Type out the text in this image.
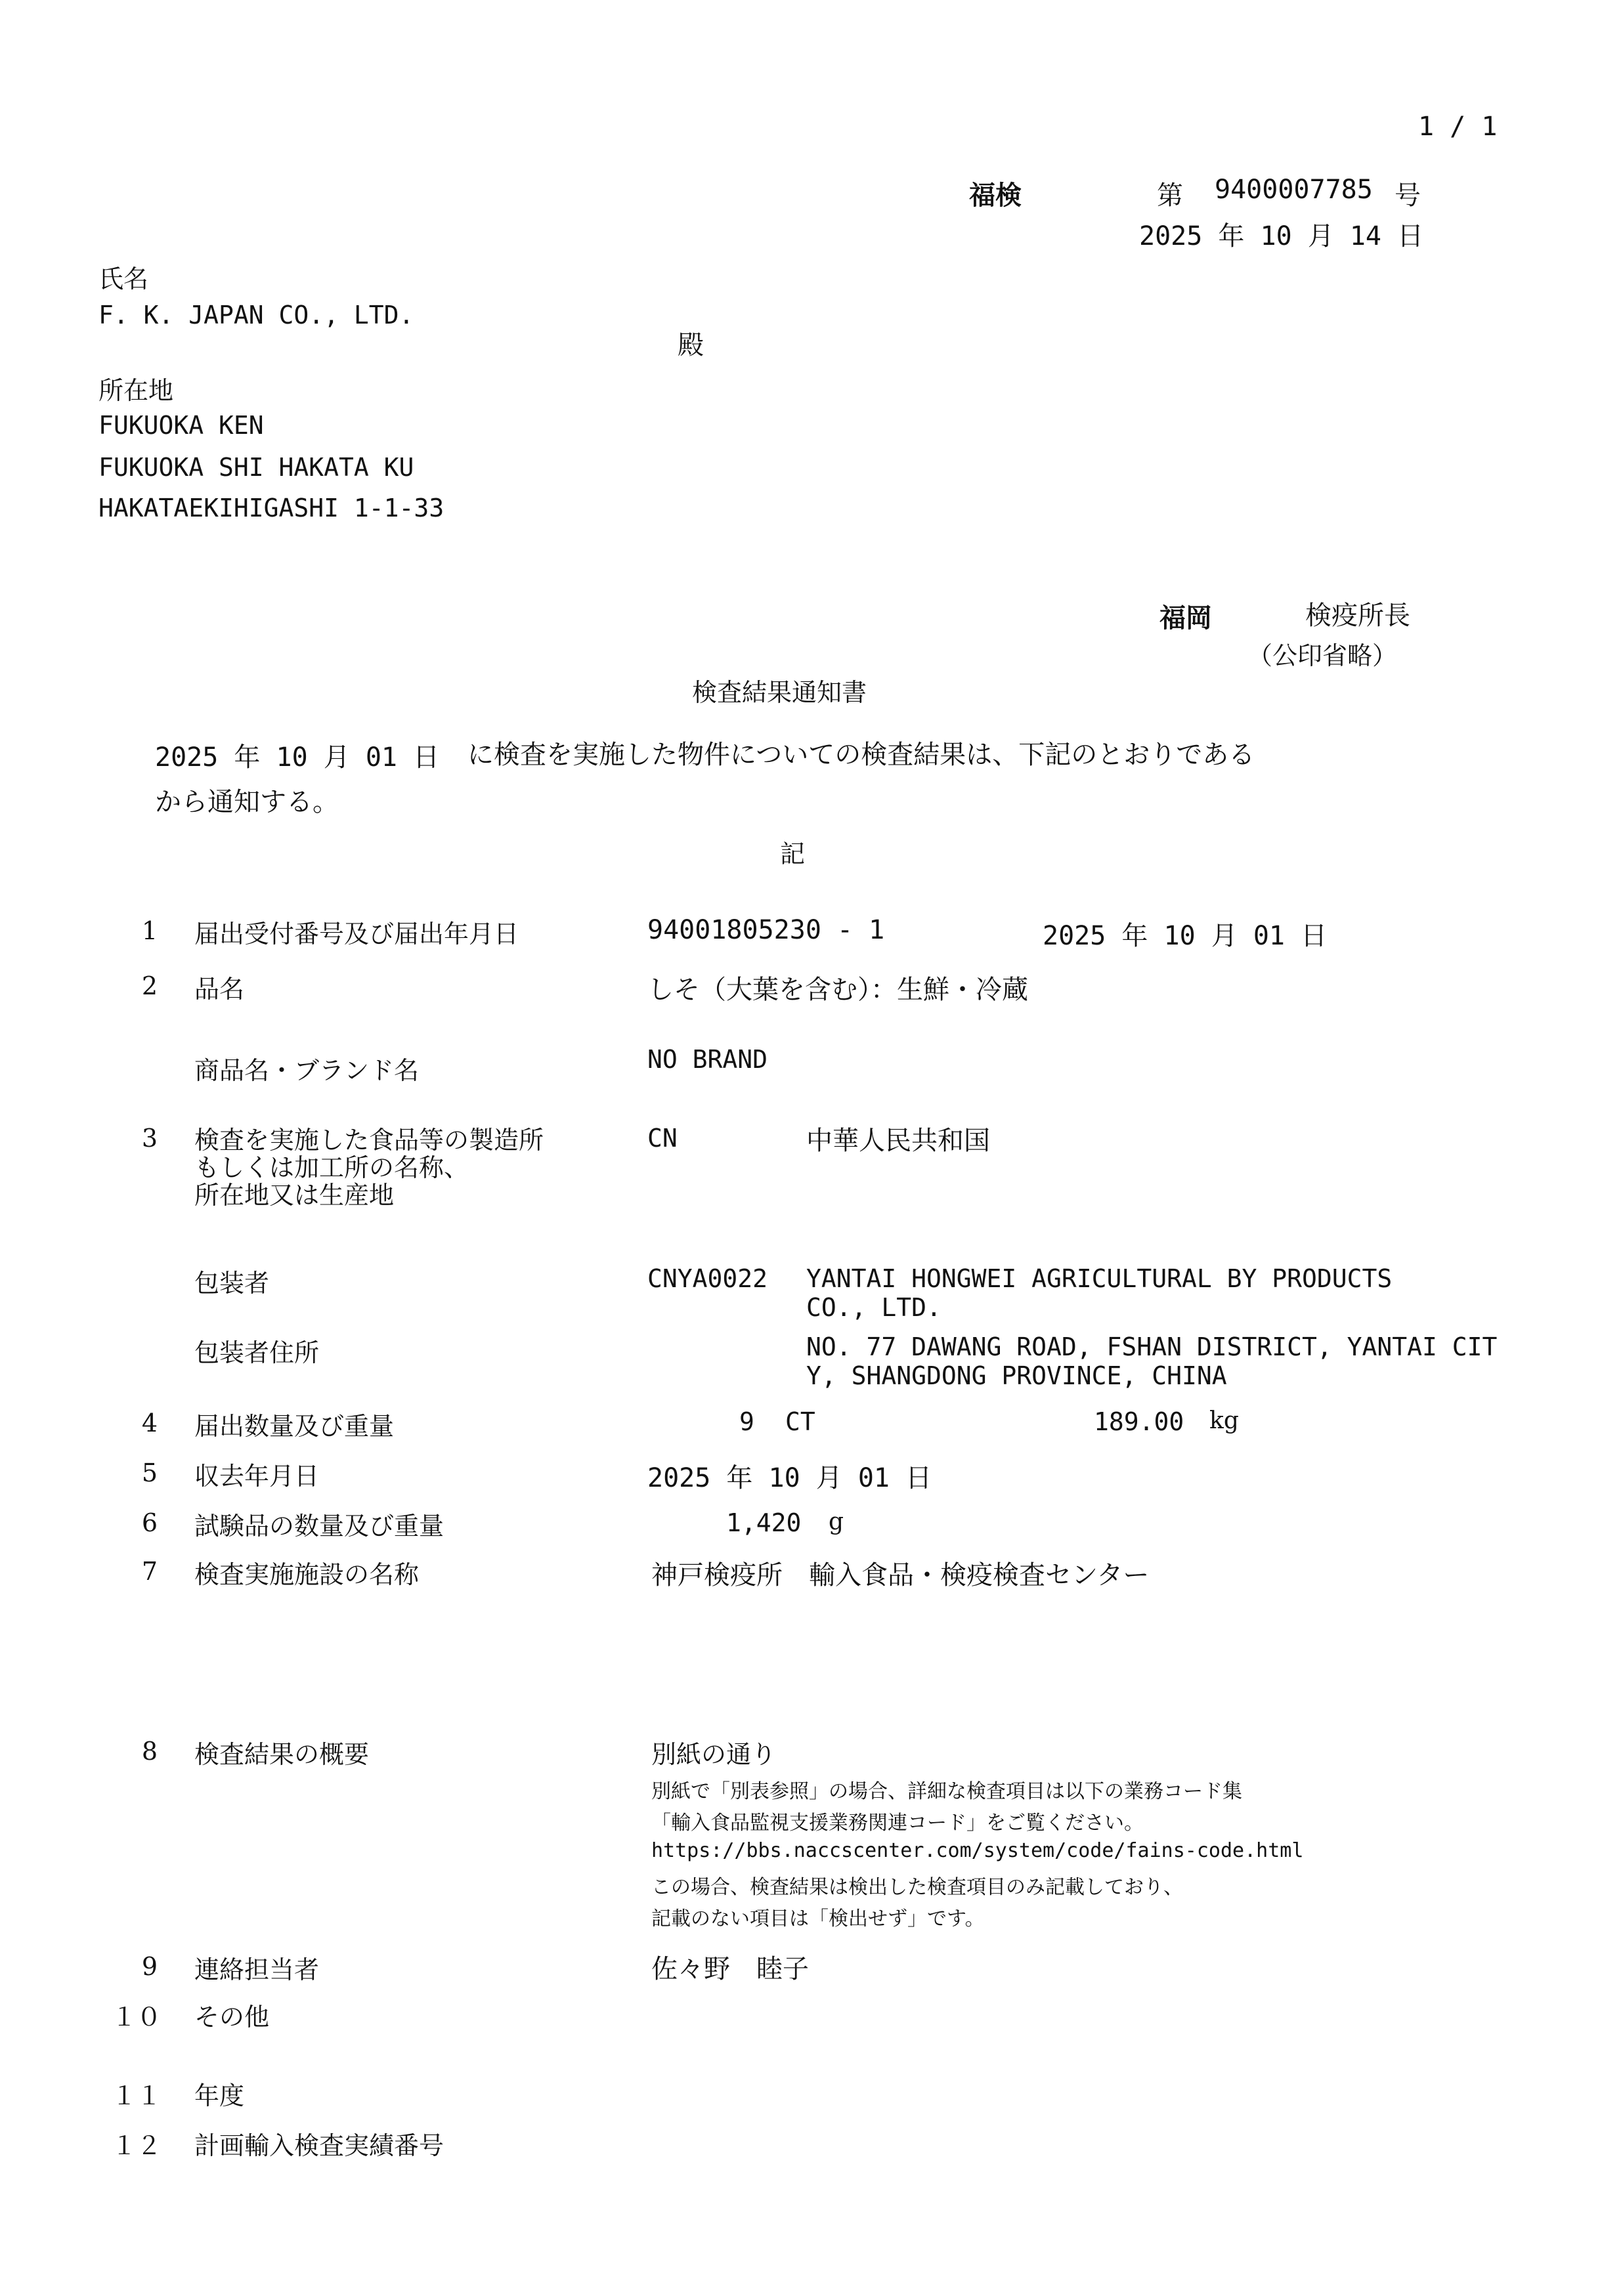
1 / 1
福検	第 9400007785 号
2025 年 10 月 14 日
氏名
F. K. JAPAN CO., LTD.
殿
所在地
FUKUOKA KEN
FUKUOKA SHI HAKATA KU
HAKATAEKIHIGASHI 1-1-33
福岡	検疫所長
（公印省略）
検査結果通知書
2025 年 10 月 01 日 に検査を実施した物件についての検査結果は、下記のとおりである
から通知する。
記
1 届出受付番号及び届出年月日	94001805230 - 1	2025 年 10 月 01 日
2 品名	しそ（大葉を含む）：生鮮・冷蔵
商品名・ブランド名	NO BRAND
3 検査を実施した食品等の製造所
もしくは加工所の名称、
所在地又は生産地
CN	中華人民共和国
包装者	CNYA0022 YANTAI HONGWEI AGRICULTURAL BY PRODUCTS
CO., LTD.
包装者住所	NO. 77 DAWANG ROAD, FSHAN DISTRICT, YANTAI CIT
Y, SHANGDONG PROVINCE, CHINA
4 届出数量及び重量	9 CT	189.00 kg
5 収去年月日	2025 年 10 月 01 日
6 試験品の数量及び重量	1,420 g
7 検査実施施設の名称	神戸検疫所　輸入食品・検疫検査センター
8 検査結果の概要	別紙の通り
別紙で「別表参照」の場合、詳細な検査項目は以下の業務コード集
「輸入食品監視支援業務関連コード」をご覧ください。
https://bbs.naccscenter.com/system/code/fains-code.html
この場合、検査結果は検出した検査項目のみ記載しており、
記載のない項目は「検出せず」です。
9 連絡担当者	佐々野　睦子
１０ その他
１１ 年度
１２ 計画輸入検査実績番号
